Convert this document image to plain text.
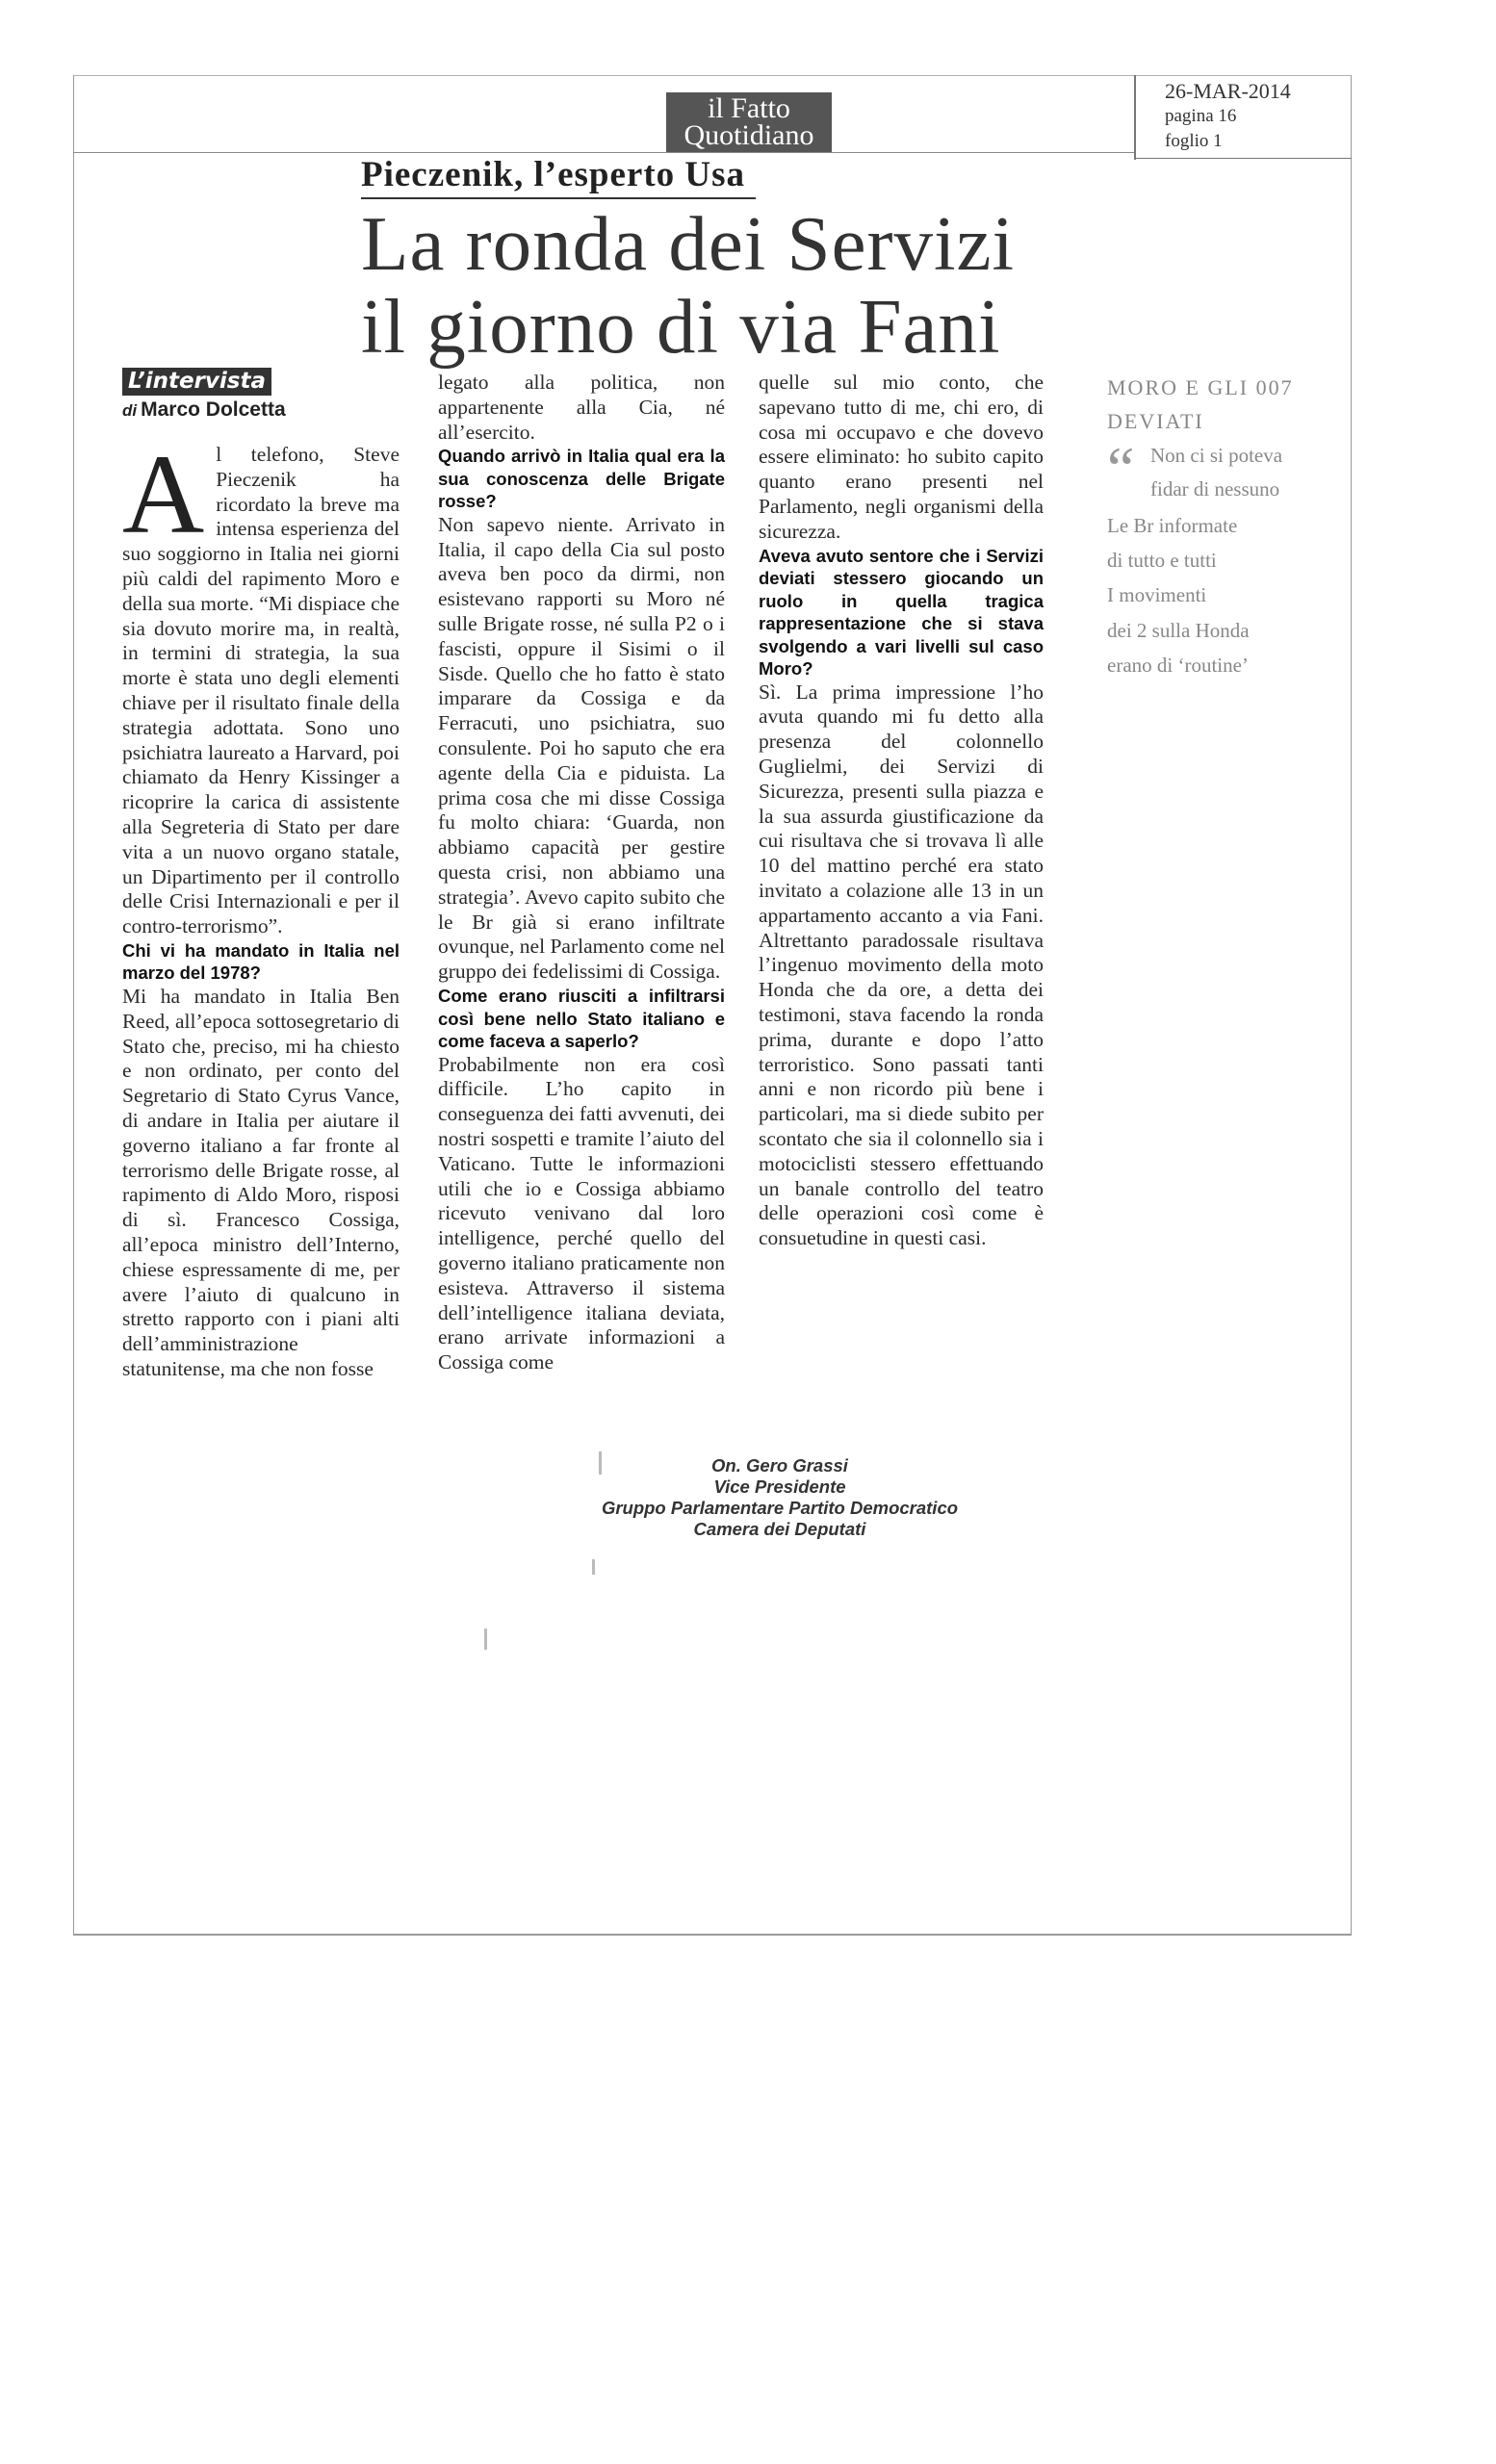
il Fatto
Quotidiano
26-MAR-2014
pagina 16
foglio 1
Pieczenik, l’esperto Usa
La ronda dei Servizi
il giorno di via Fani
L’intervista
di Marco Dolcetta

Al telefono, Steve Pieczenik ha ricordato la breve ma intensa esperienza del suo soggiorno in Italia nei giorni più caldi del rapimento Moro e della sua morte. “Mi dispiace che sia dovuto morire ma, in realtà, in termini di strategia, la sua morte è stata uno degli elementi chiave per il risultato finale della strategia adottata. Sono uno psichiatra laureato a Harvard, poi chiamato da Henry Kissinger a ricoprire la carica di assistente alla Segreteria di Stato per dare vita a un nuovo organo statale, un Dipartimento per il controllo delle Crisi Internazionali e per il contro-terrorismo”.

Chi vi ha mandato in Italia nel marzo del 1978?

Mi ha mandato in Italia Ben Reed, all’epoca sottosegretario di Stato che, preciso, mi ha chiesto e non ordinato, per conto del Segretario di Stato Cyrus Vance, di andare in Italia per aiutare il governo italiano a far fronte al terrorismo delle Brigate rosse, al rapimento di Aldo Moro, risposi di sì. Francesco Cossiga, all’epoca ministro dell’Interno, chiese espressamente di me, per avere l’aiuto di qualcuno in stretto rapporto con i piani alti dell’amministrazione statunitense, ma che non fosse

legato alla politica, non appartenente alla Cia, né all’esercito.

Quando arrivò in Italia qual era la sua conoscenza delle Brigate rosse?

Non sapevo niente. Arrivato in Italia, il capo della Cia sul posto aveva ben poco da dirmi, non esistevano rapporti su Moro né sulle Brigate rosse, né sulla P2 o i fascisti, oppure il Sisimi o il Sisde. Quello che ho fatto è stato imparare da Cossiga e da Ferracuti, uno psichiatra, suo consulente. Poi ho saputo che era agente della Cia e piduista. La prima cosa che mi disse Cossiga fu molto chiara: ‘Guarda, non abbiamo capacità per gestire questa crisi, non abbiamo una strategia’. Avevo capito subito che le Br già si erano infiltrate ovunque, nel Parlamento come nel gruppo dei fedelissimi di Cossiga.

Come erano riusciti a infiltrarsi così bene nello Stato italiano e come faceva a saperlo?

Probabilmente non era così difficile. L’ho capito in conseguenza dei fatti avvenuti, dei nostri sospetti e tramite l’aiuto del Vaticano. Tutte le informazioni utili che io e Cossiga abbiamo ricevuto venivano dal loro intelligence, perché quello del governo italiano praticamente non esisteva. Attraverso il sistema dell’intelligence italiana deviata, erano arrivate informazioni a Cossiga come

quelle sul mio conto, che sapevano tutto di me, chi ero, di cosa mi occupavo e che dovevo essere eliminato: ho subito capito quanto erano presenti nel Parlamento, negli organismi della sicurezza.

Aveva avuto sentore che i Servizi deviati stessero giocando un ruolo in quella tragica rappresentazione che si stava svolgendo a vari livelli sul caso Moro?

Sì. La prima impressione l’ho avuta quando mi fu detto alla presenza del colonnello Guglielmi, dei Servizi di Sicurezza, presenti sulla piazza e la sua assurda giustificazione da cui risultava che si trovava lì alle 10 del mattino perché era stato invitato a colazione alle 13 in un appartamento accanto a via Fani. Altrettanto paradossale risultava l’ingenuo movimento della moto Honda che da ore, a detta dei testimoni, stava facendo la ronda prima, durante e dopo l’atto terroristico. Sono passati tanti anni e non ricordo più bene i particolari, ma si diede subito per scontato che sia il colonnello sia i motociclisti stessero effettuando un banale controllo del teatro delle operazioni così come è consuetudine in questi casi.

MORO E GLI 007
DEVIATI
“ Non ci si poteva
fidar di nessuno
Le Br informate
di tutto e tutti
I movimenti
dei 2 sulla Honda
erano di ‘routine’
On. Gero Grassi
Vice Presidente
Gruppo Parlamentare Partito Democratico
Camera dei Deputati
